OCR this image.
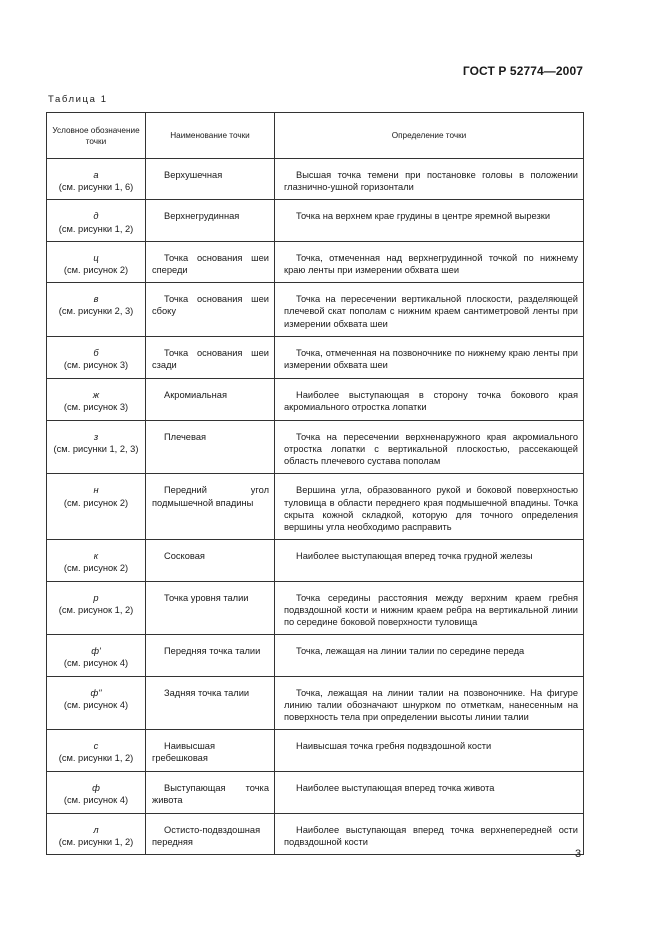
ГОСТ Р 52774—2007
Таблица 1
Условное обозначение точки	Наименование точки	Определение точки

а
(см. рисунки 1, 6)	Верхушечная	Высшая точка темени при постановке головы в положении глазнично-ушной горизонтали

д
(см. рисунки 1, 2)	Верхнегрудинная	Точка на верхнем крае грудины в центре яремной вырезки

ц
(см. рисунок 2)	Точка основания шеи спереди	Точка, отмеченная над верхнегрудинной точкой по нижнему краю ленты при измерении обхвата шеи

в
(см. рисунки 2, 3)	Точка основания шеи сбоку	Точка на пересечении вертикальной плоскости, разделяющей плечевой скат пополам с нижним краем сантиметровой ленты при измерении обхвата шеи

б
(см. рисунок 3)	Точка основания шеи сзади	Точка, отмеченная на позвоночнике по нижнему краю ленты при измерении обхвата шеи

ж
(см. рисунок 3)	Акромиальная	Наиболее выступающая в сторону точка бокового края акромиального отростка лопатки

з
(см. рисунки 1, 2, 3)	Плечевая	Точка на пересечении верхненаружного края акромиального отростка лопатки с вертикальной плоскостью, рассекающей область плечевого сустава пополам

н
(см. рисунок 2)	Передний угол подмышечной впадины	Вершина угла, образованного рукой и боковой поверхностью туловища в области переднего края подмышечной впадины. Точка скрыта кожной складкой, которую для точного определения вершины угла необходимо расправить

к
(см. рисунок 2)	Сосковая	Наиболее выступающая вперед точка грудной железы

р
(см. рисунок 1, 2)	Точка уровня талии	Точка середины расстояния между верхним краем гребня подвздошной кости и нижним краем ребра на вертикальной линии по середине боковой поверхности туловища

ф'
(см. рисунок 4)	Передняя точка талии	Точка, лежащая на линии талии по середине переда

ф"
(см. рисунок 4)	Задняя точка талии	Точка, лежащая на линии талии на позвоночнике. На фигуре линию талии обозначают шнурком по отметкам, нанесенным на поверхность тела при определении высоты линии талии

с
(см. рисунки 1, 2)	Наивысшая гребешковая	Наивысшая точка гребня подвздошной кости

ф
(см. рисунок 4)	Выступающая точка живота	Наиболее выступающая вперед точка живота

л
(см. рисунки 1, 2)	Остисто-подвздошная передняя	Наиболее выступающая вперед точка верхнепередней ости подвздошной кости
3
